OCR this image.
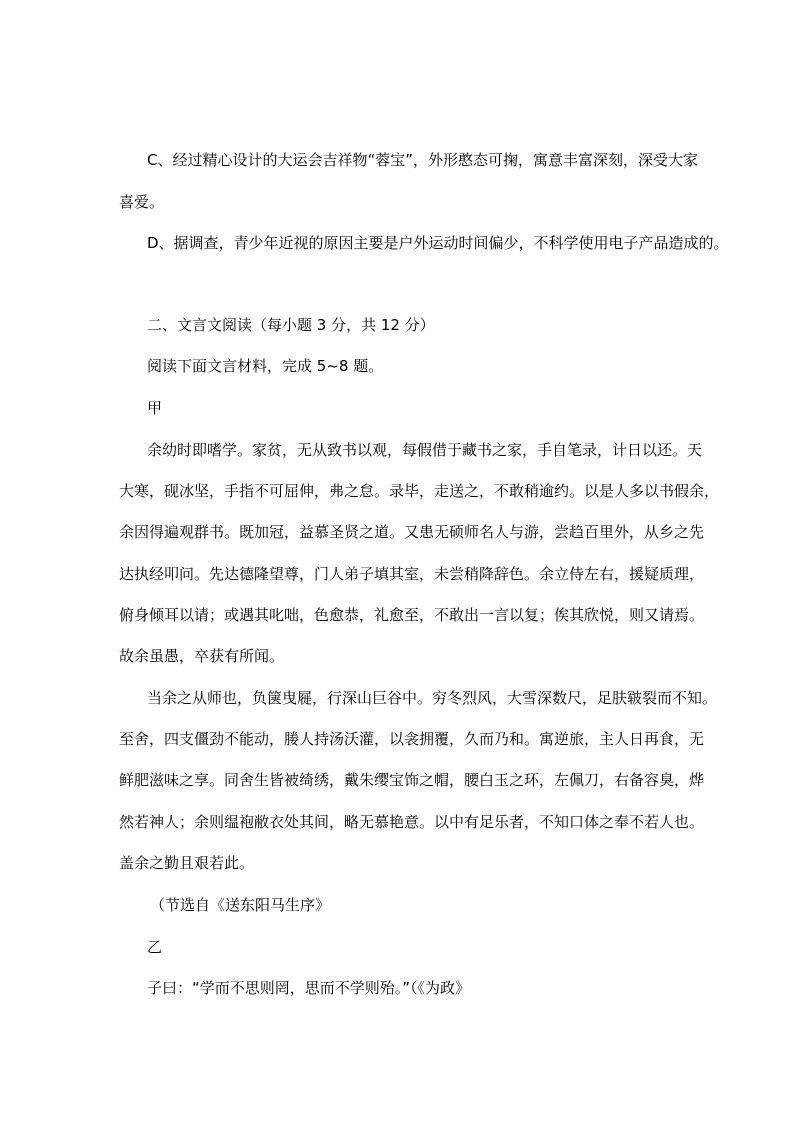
C、经过精心设计的大运会吉祥物“蓉宝”，外形憨态可掬，寓意丰富深刻，深受大家
喜爱。
D、据调查，青少年近视的原因主要是户外运动时间偏少，不科学使用电子产品造成的。
二、文言文阅读（每小题 3 分，共 12 分）
阅读下面文言材料，完成 5~8 题。
甲
余幼时即嗜学。家贫，无从致书以观，每假借于藏书之家，手自笔录，计日以还。天
大寒，砚冰坚，手指不可屈伸，弗之怠。录毕，走送之，不敢稍逾约。以是人多以书假余，
余因得遍观群书。既加冠，益慕圣贤之道。又患无硕师名人与游，尝趋百里外，从乡之先
达执经叩问。先达德隆望尊，门人弟子填其室，未尝稍降辞色。余立侍左右，援疑质理，
俯身倾耳以请；或遇其叱咄，色愈恭，礼愈至，不敢出一言以复；俟其欣悦，则又请焉。
故余虽愚，卒获有所闻。
当余之从师也，负箧曳屣，行深山巨谷中。穷冬烈风，大雪深数尺，足肤皲裂而不知。
至舍，四支僵劲不能动，媵人持汤沃灌，以衾拥覆，久而乃和。寓逆旅，主人日再食，无
鲜肥滋味之享。同舍生皆被绮绣，戴朱缨宝饰之帽，腰白玉之环，左佩刀，右备容臭，烨
然若神人；余则缊袍敝衣处其间，略无慕艳意。以中有足乐者，不知口体之奉不若人也。
盖余之勤且艰若此。
（节选自《送东阳马生序》
乙
子曰：“学而不思则罔，思而不学则殆。”（《为政》
